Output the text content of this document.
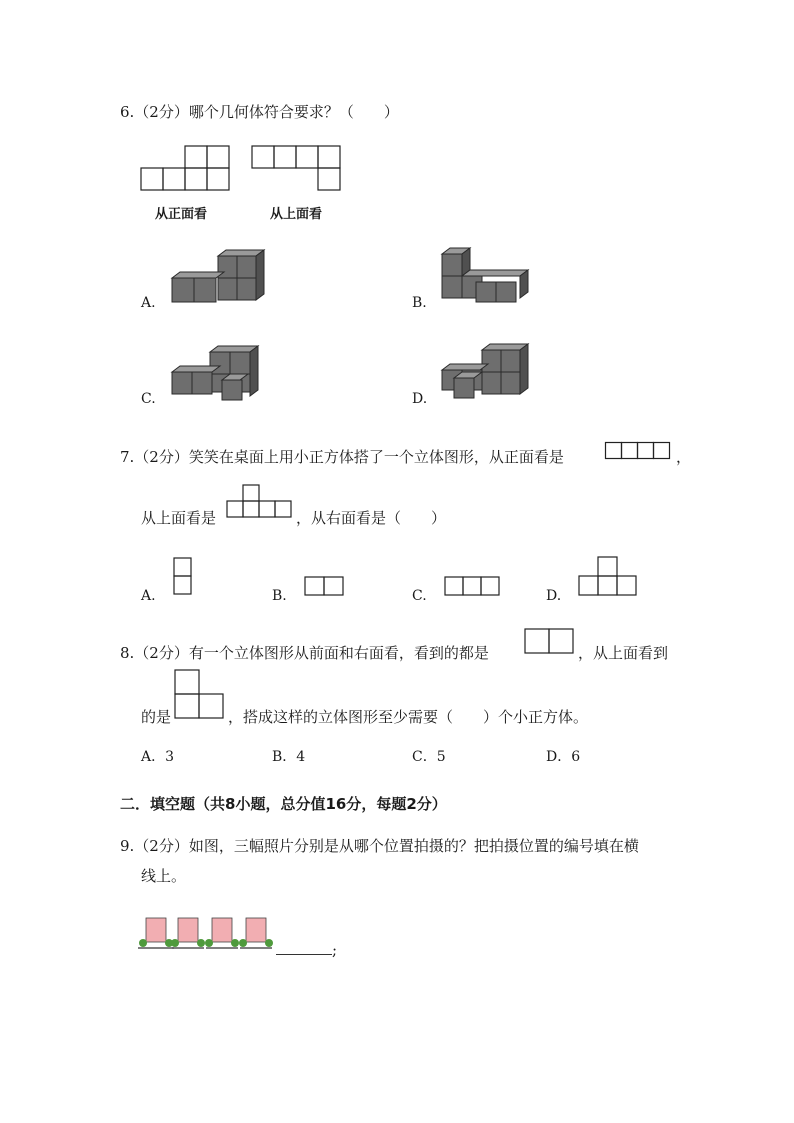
6.（2分）哪个几何体符合要求？（　　）
从正面看	从上面看
A.	B.
C.	D.
7.（2分）笑笑在桌面上用小正方体搭了一个立体图形，从正面看是	，
从上面看是	，从右面看是（　　）
A.	B.	C.	D.
8.（2分）有一个立体图形从前面和右面看，看到的都是	，从上面看到
的是	，搭成这样的立体图形至少需要（　　）个小正方体。
A．3	B．4	C．5	D．6
二．填空题（共8小题，总分值16分，每题2分）
9.（2分）如图，三幅照片分别是从哪个位置拍摄的？把拍摄位置的编号填在横
线上。
;
